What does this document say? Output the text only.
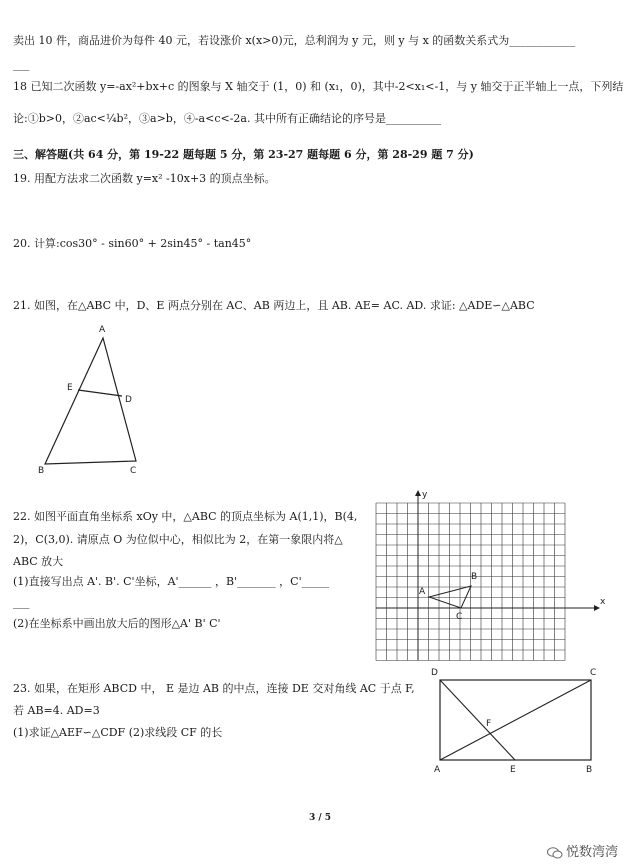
卖出 10 件，商品进价为每件 40 元，若设涨价 x(x>0)元，总利润为 y 元，则 y 与 x 的函数关系式为____________
___
18 已知二次函数 y=-ax²+bx+c 的图象与 X 轴交于 (1，0) 和 (x₁，0)，其中-2<x₁<-1，与 y 轴交于正半轴上一点，下列结
论:①b>0，②ac<¼b²，③a>b，④-a<c<-2a. 其中所有正确结论的序号是__________
三、解答题(共 64 分，第 19-22 题每题 5 分，第 23-27 题每题 6 分，第 28-29 题 7 分)
19. 用配方法求二次函数 y=x² -10x+3 的顶点坐标。
20. 计算:cos30° - sin60° + 2sin45° - tan45°
21. 如图，在△ABC 中，D、E 两点分别在 AC、AB 两边上，且 AB. AE= AC. AD. 求证: △ADE∽△ABC
A
B	C
D
E
22. 如图平面直角坐标系 xOy 中，△ABC 的顶点坐标为 A(1,1)，B(4,
2)，C(3,0). 请原点 O 为位似中心，相似比为 2，在第一象限内将△
ABC 放大
(1)直接写出点 A'. B'. C'坐标，A'______ ，B'_______ ，C'_____
___
(2)在坐标系中画出放大后的图形△A' B' C'
x
y
A
B
C
23. 如果，在矩形 ABCD 中， E 是边 AB 的中点，连接 DE 交对角线 AC 于点 F,
若 AB=4. AD=3
(1)求证△AEF∽△CDF (2)求线段 CF 的长
A	B
C
D
E
F
3 / 5
悦数湾湾
